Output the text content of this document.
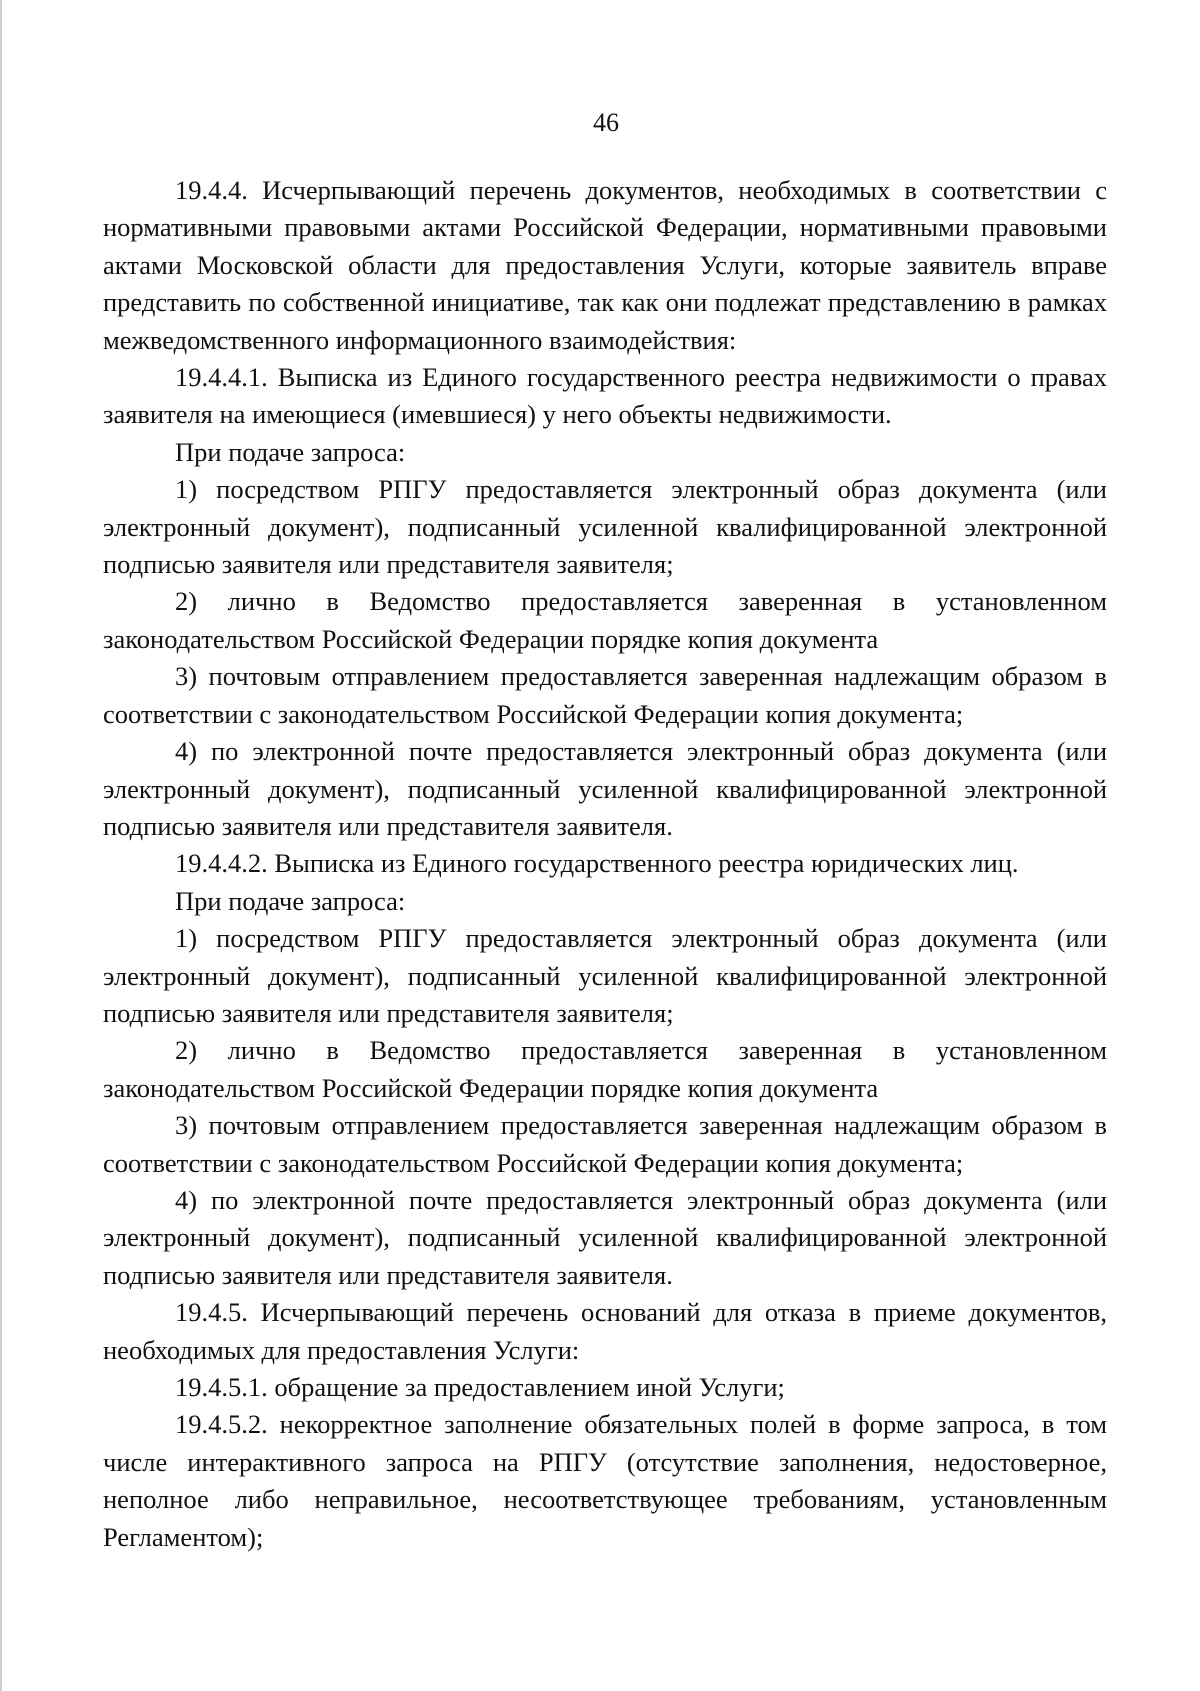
46

19.4.4. Исчерпывающий перечень документов, необходимых в соответствии с нормативными правовыми актами Российской Федерации, нормативными правовыми актами Московской области для предоставления Услуги, которые заявитель вправе представить по собственной инициативе, так как они подлежат представлению в рамках межведомственного информационного взаимодействия:

19.4.4.1. Выписка из Единого государственного реестра недвижимости о правах заявителя на имеющиеся (имевшиеся) у него объекты недвижимости.

При подаче запроса:

1) посредством РПГУ предоставляется электронный образ документа (или электронный документ), подписанный усиленной квалифицированной электронной подписью заявителя или представителя заявителя;

2) лично в Ведомство предоставляется заверенная в установленном законодательством Российской Федерации порядке копия документа

3) почтовым отправлением предоставляется заверенная надлежащим образом в соответствии с законодательством Российской Федерации копия документа;

4) по электронной почте предоставляется электронный образ документа (или электронный документ), подписанный усиленной квалифицированной электронной подписью заявителя или представителя заявителя.

19.4.4.2. Выписка из Единого государственного реестра юридических лиц.

При подаче запроса:

1) посредством РПГУ предоставляется электронный образ документа (или электронный документ), подписанный усиленной квалифицированной электронной подписью заявителя или представителя заявителя;

2) лично в Ведомство предоставляется заверенная в установленном законодательством Российской Федерации порядке копия документа

3) почтовым отправлением предоставляется заверенная надлежащим образом в соответствии с законодательством Российской Федерации копия документа;

4) по электронной почте предоставляется электронный образ документа (или электронный документ), подписанный усиленной квалифицированной электронной подписью заявителя или представителя заявителя.

19.4.5. Исчерпывающий перечень оснований для отказа в приеме документов, необходимых для предоставления Услуги:

19.4.5.1. обращение за предоставлением иной Услуги;

19.4.5.2. некорректное заполнение обязательных полей в форме запроса, в том числе интерактивного запроса на РПГУ (отсутствие заполнения, недостоверное, неполное либо неправильное, несоответствующее требованиям, установленным Регламентом);
